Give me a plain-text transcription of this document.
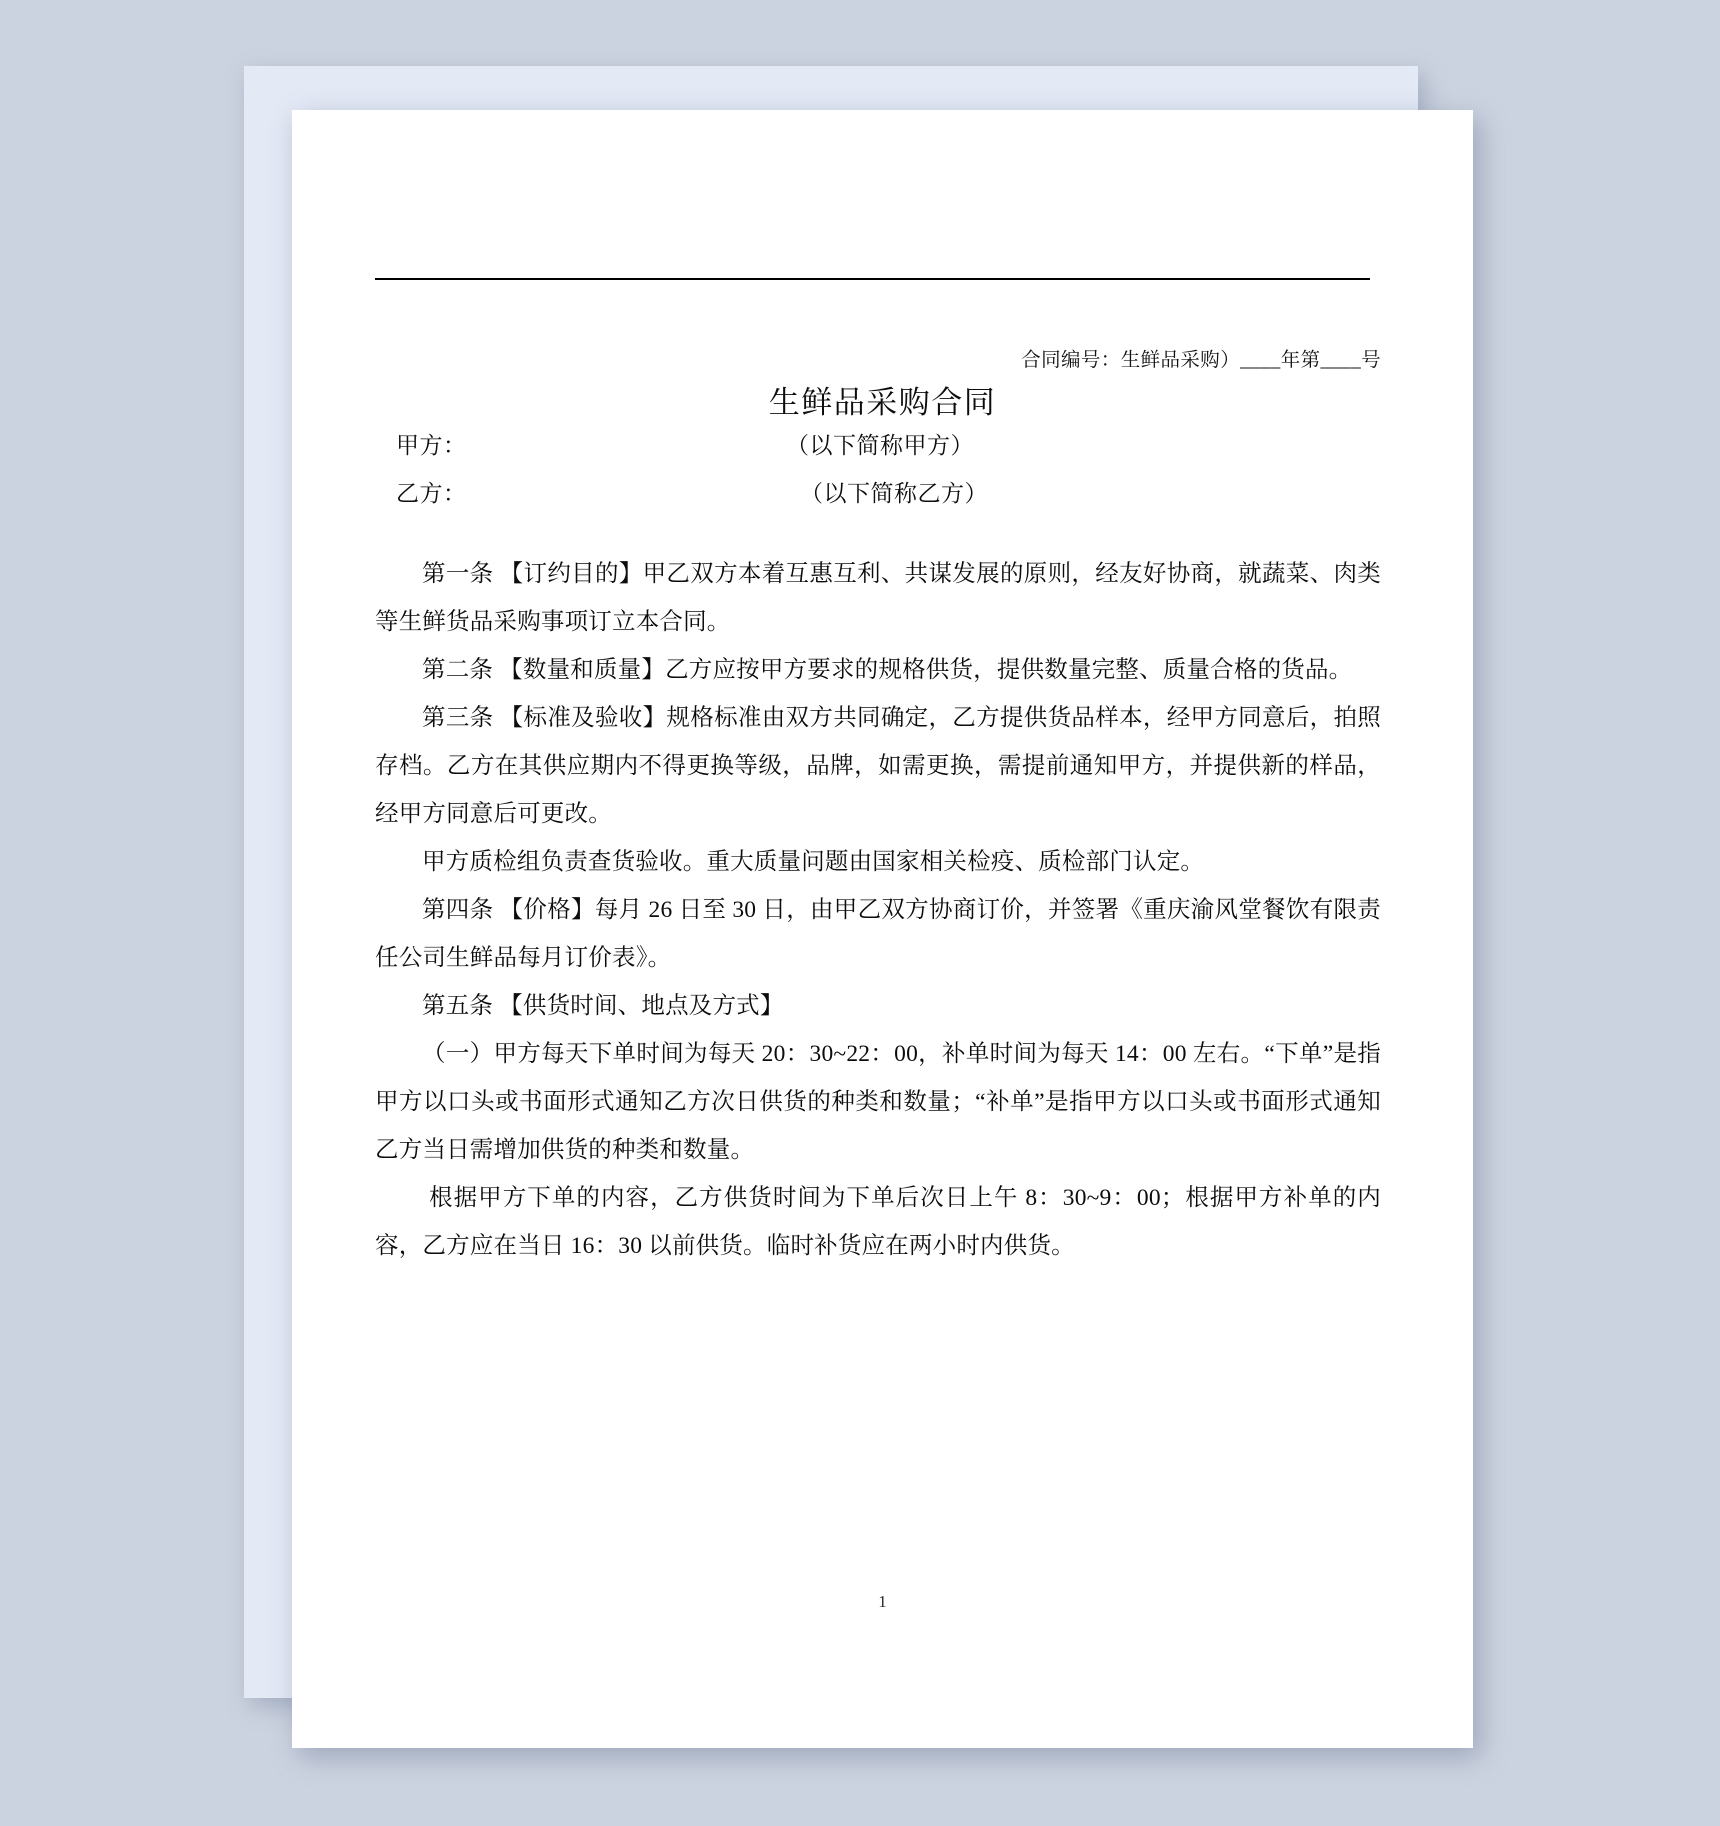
生鲜品采购合同
合同编号：生鲜品采购）____年第____号
甲方：	（以下简称甲方）
乙方：	（以下简称乙方）

第一条 【订约目的】甲乙双方本着互惠互利、共谋发展的原则，经友好协商，就蔬菜、肉类等生鲜货品采购事项订立本合同。

第二条 【数量和质量】乙方应按甲方要求的规格供货，提供数量完整、质量合格的货品。

第三条 【标准及验收】规格标准由双方共同确定，乙方提供货品样本，经甲方同意后，拍照存档。乙方在其供应期内不得更换等级，品牌，如需更换，需提前通知甲方，并提供新的样品，经甲方同意后可更改。

甲方质检组负责查货验收。重大质量问题由国家相关检疫、质检部门认定。

第四条 【价格】每月 26 日至 30 日，由甲乙双方协商订价，并签署《重庆渝风堂餐饮有限责任公司生鲜品每月订价表》。

第五条 【供货时间、地点及方式】

（一）甲方每天下单时间为每天 20：30~22：00，补单时间为每天 14：00 左右。“下单”是指甲方以口头或书面形式通知乙方次日供货的种类和数量；“补单”是指甲方以口头或书面形式通知乙方当日需增加供货的种类和数量。

根据甲方下单的内容，乙方供货时间为下单后次日上午 8：30~9：00；根据甲方补单的内容，乙方应在当日 16：30 以前供货。临时补货应在两小时内供货。

1
